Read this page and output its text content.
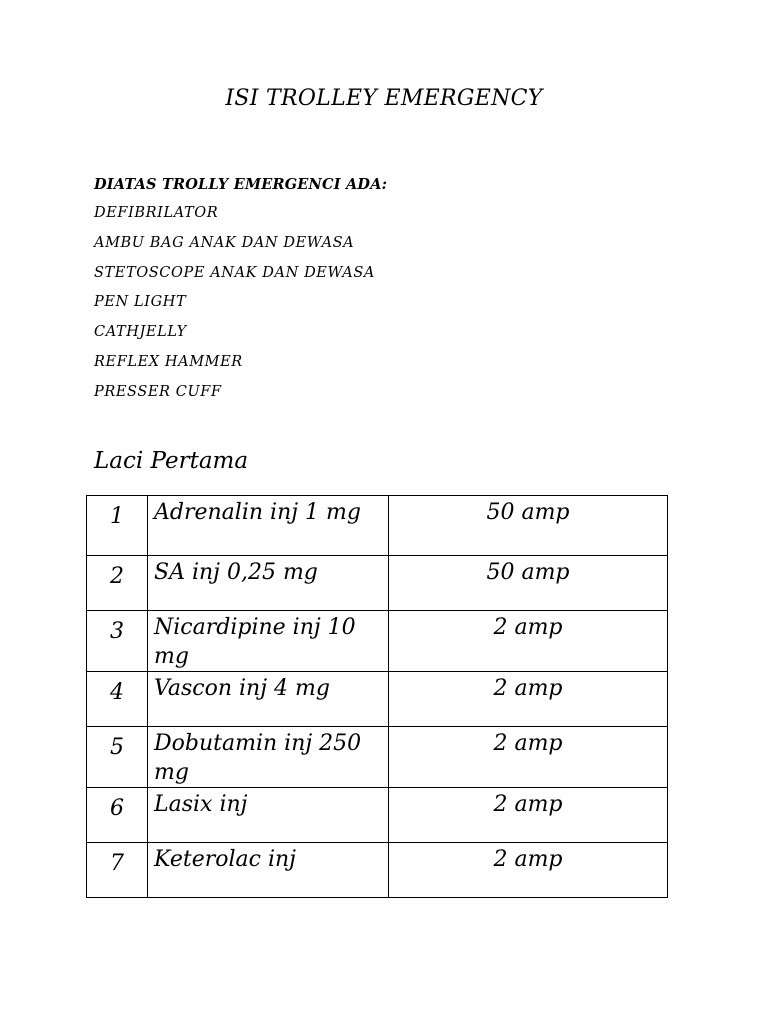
ISI TROLLEY EMERGENCY
DIATAS TROLLY EMERGENCI ADA:
DEFIBRILATOR
AMBU BAG ANAK DAN DEWASA
STETOSCOPE ANAK DAN DEWASA
PEN LIGHT
CATHJELLY
REFLEX HAMMER
PRESSER CUFF
Laci Pertama
1	Adrenalin inj 1 mg	50 amp
2	SA inj 0,25 mg	50 amp
3	Nicardipine inj 10 mg	2 amp
4	Vascon inj 4 mg	2 amp
5	Dobutamin inj 250 mg	2 amp
6	Lasix inj	2 amp
7	Keterolac inj	2 amp
